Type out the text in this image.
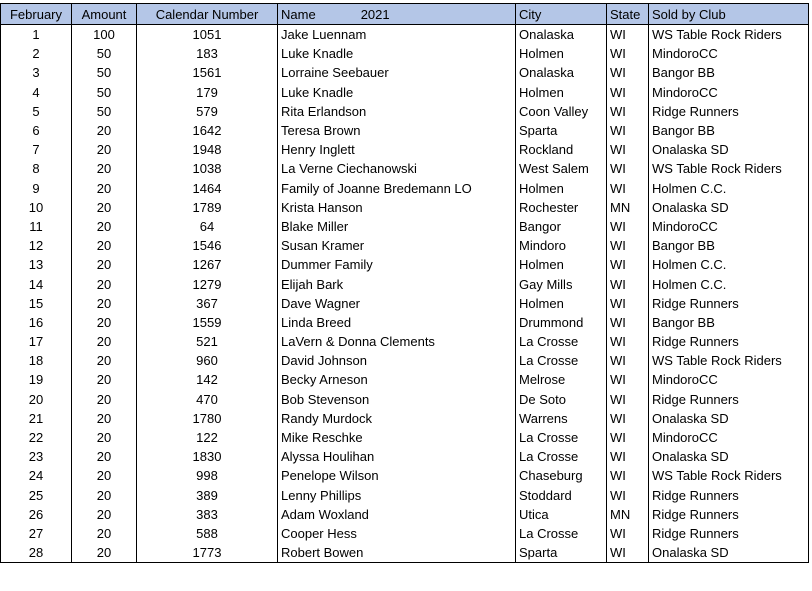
February	Amount	Calendar Number	Name 2021	City	State	Sold by Club
1	100	1051	Jake Luennam	Onalaska	WI	WS Table Rock Riders
2	50	183	Luke Knadle	Holmen	WI	MindoroCC
3	50	1561	Lorraine Seebauer	Onalaska	WI	Bangor BB
4	50	179	Luke Knadle	Holmen	WI	MindoroCC
5	50	579	Rita Erlandson	Coon Valley	WI	Ridge Runners
6	20	1642	Teresa Brown	Sparta	WI	Bangor BB
7	20	1948	Henry Inglett	Rockland	WI	Onalaska SD
8	20	1038	La Verne Ciechanowski	West Salem	WI	WS Table Rock Riders
9	20	1464	Family of Joanne Bredemann LO	Holmen	WI	Holmen C.C.
10	20	1789	Krista Hanson	Rochester	MN	Onalaska SD
11	20	64	Blake Miller	Bangor	WI	MindoroCC
12	20	1546	Susan Kramer	Mindoro	WI	Bangor BB
13	20	1267	Dummer Family	Holmen	WI	Holmen C.C.
14	20	1279	Elijah Bark	Gay Mills	WI	Holmen C.C.
15	20	367	Dave Wagner	Holmen	WI	Ridge Runners
16	20	1559	Linda Breed	Drummond	WI	Bangor BB
17	20	521	LaVern & Donna Clements	La Crosse	WI	Ridge Runners
18	20	960	David Johnson	La Crosse	WI	WS Table Rock Riders
19	20	142	Becky Arneson	Melrose	WI	MindoroCC
20	20	470	Bob Stevenson	De Soto	WI	Ridge Runners
21	20	1780	Randy Murdock	Warrens	WI	Onalaska SD
22	20	122	Mike Reschke	La Crosse	WI	MindoroCC
23	20	1830	Alyssa Houlihan	La Crosse	WI	Onalaska SD
24	20	998	Penelope Wilson	Chaseburg	WI	WS Table Rock Riders
25	20	389	Lenny Phillips	Stoddard	WI	Ridge Runners
26	20	383	Adam Woxland	Utica	MN	Ridge Runners
27	20	588	Cooper Hess	La Crosse	WI	Ridge Runners
28	20	1773	Robert Bowen	Sparta	WI	Onalaska SD
